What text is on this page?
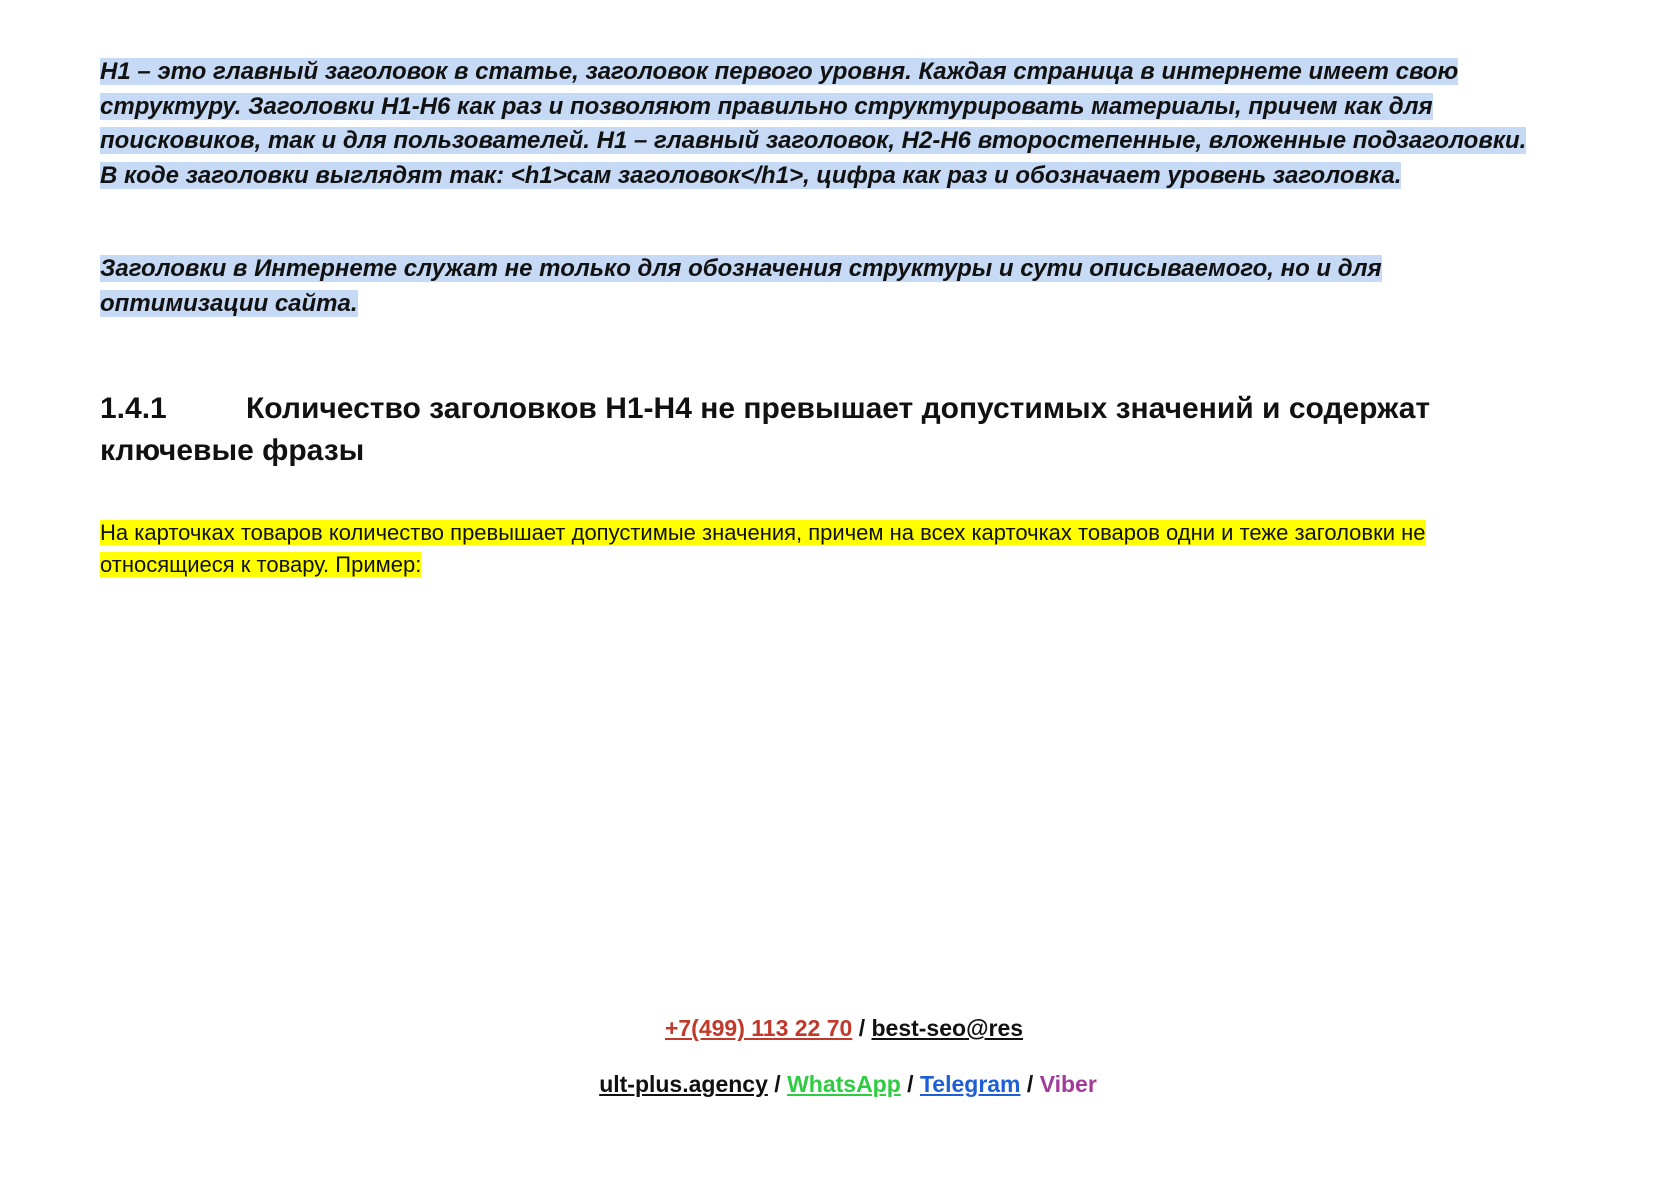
H1 – это главный заголовок в статье, заголовок первого уровня. Каждая страница в интернете имеет свою структуру. Заголовки H1-H6 как раз и позволяют правильно структурировать материалы, причем как для поисковиков, так и для пользователей. H1 – главный заголовок, H2-H6 второстепенные, вложенные подзаголовки. В коде заголовки выглядят так: <h1>сам заголовок</h1>, цифра как раз и обозначает уровень заголовка.

Заголовки в Интернете служат не только для обозначения структуры и сути описываемого, но и для оптимизации сайта.

1.4.1	Количество заголовков H1-H4 не превышает допустимых значений и содержат ключевые фразы

На карточках товаров количество превышает допустимые значения, причем на всех карточках товаров одни и теже заголовки не относящиеся к товару. Пример:

+7(499) 113 22 70 / best-seo@res
ult-plus.agency / WhatsApp / Telegram / Viber
